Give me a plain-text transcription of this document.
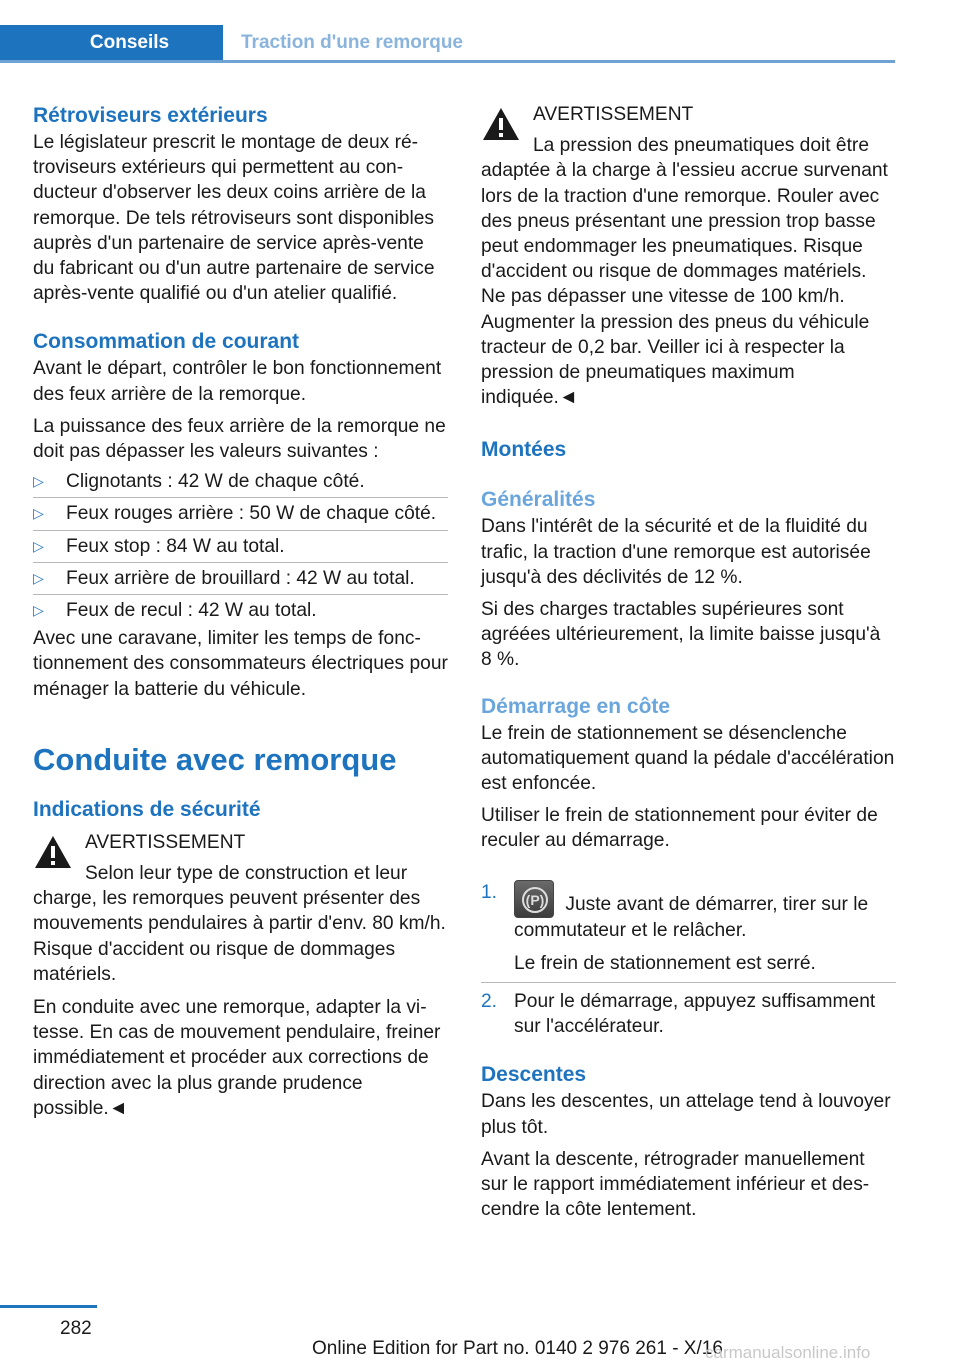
Conseils	Traction d'une remorque
Rétroviseurs extérieurs

Le législateur prescrit le montage de deux rétroviseurs extérieurs qui permettent au conducteur d'observer les deux coins arrière de la remorque. De tels rétroviseurs sont disponibles auprès d'un partenaire de service après-vente du fabricant ou d'un autre partenaire de service après-vente qualifié ou d'un atelier qualifié.

Consommation de courant

Avant le départ, contrôler le bon fonctionnement des feux arrière de la remorque.

La puissance des feux arrière de la remorque ne doit pas dépasser les valeurs suivantes :

▷ Clignotants : 42 W de chaque côté.
▷ Feux rouges arrière : 50 W de chaque côté.
▷ Feux stop : 84 W au total.
▷ Feux arrière de brouillard : 42 W au total.
▷ Feux de recul : 42 W au total.

Avec une caravane, limiter les temps de fonctionnement des consommateurs électriques pour ménager la batterie du véhicule.

Conduite avec remorque
Indications de sécurité
AVERTISSEMENT
Selon leur type de construction et leur charge, les remorques peuvent présenter des mouvements pendulaires à partir d'env. 80 km/h. Risque d'accident ou risque de dommages matériels.

En conduite avec une remorque, adapter la vitesse. En cas de mouvement pendulaire, freiner immédiatement et procéder aux corrections de direction avec la plus grande prudence possible.◄

AVERTISSEMENT
La pression des pneumatiques doit être adaptée à la charge à l'essieu accrue survenant lors de la traction d'une remorque. Rouler avec des pneus présentant une pression trop basse peut endommager les pneumatiques. Risque d'accident ou risque de dommages matériels. Ne pas dépasser une vitesse de 100 km/h. Augmenter la pression des pneus du véhicule tracteur de 0,2 bar. Veiller ici à respecter la pression de pneumatiques maximum indiquée.◄
Montées
Généralités

Dans l'intérêt de la sécurité et de la fluidité du trafic, la traction d'une remorque est autorisée jusqu'à des déclivités de 12 %.

Si des charges tractables supérieures sont agréées ultérieurement, la limite baisse jusqu'à 8 %.

Démarrage en côte

Le frein de stationnement se désenclenche automatiquement quand la pédale d'accélération est enfoncée.

Utiliser le frein de stationnement pour éviter de reculer au démarrage.

1. (P) Juste avant de démarrer, tirer sur le commutateur et le relâcher.
Le frein de stationnement est serré.
2. Pour le démarrage, appuyez suffisamment sur l'accélérateur.
Descentes

Dans les descentes, un attelage tend à louvoyer plus tôt.

Avant la descente, rétrograder manuellement sur le rapport immédiatement inférieur et descendre la côte lentement.

282
Online Edition for Part no. 0140 2 976 261 - X/16
carmanualsonline.info
